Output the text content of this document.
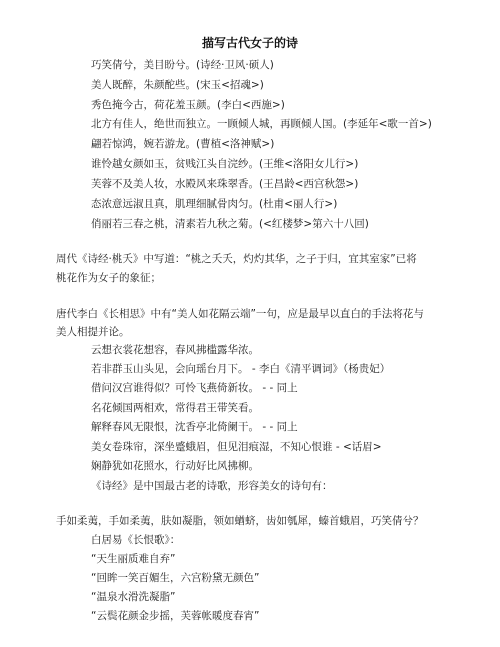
描写古代女子的诗
巧笑倩兮，美目盼兮。(诗经·卫风·硕人)
美人既醉，朱颜酡些。(宋玉<招魂>)
秀色掩今古，荷花羞玉颜。(李白<西施>)
北方有佳人，绝世而独立。一顾倾人城，再顾倾人国。(李延年<歌一首>)
翩若惊鸿，婉若游龙。(曹植<洛神赋>)
谁怜越女颜如玉，贫贱江头自浣纱。(王维<洛阳女儿行>)
芙蓉不及美人妆，水殿风来珠翠香。(王昌龄<西宫秋怨>)
态浓意远淑且真，肌理细腻骨肉匀。(杜甫<丽人行>)
俏丽若三春之桃，清素若九秋之菊。(<红楼梦>第六十八回)
周代《诗经·桃夭》中写道：“桃之夭夭，灼灼其华，之子于归，宜其室家”已将
桃花作为女子的象征；
唐代李白《长相思》中有“美人如花隔云端”一句，应是最早以直白的手法将花与
美人相提并论。
云想衣裳花想容，春风拂槛露华浓。
若非群玉山头见，会向瑶台月下。 - 李白《清平调词》（杨贵妃）
借问汉宫谁得似？可怜飞燕倚新妆。 - - 同上
名花倾国两相欢，常得君王带笑看。
解释春风无限恨，沈香亭北倚阑干。 - - 同上
美女卷珠帘，深坐蹙蛾眉，但见泪痕湿，不知心恨谁 - <话眉>
娴静犹如花照水，行动好比风拂柳。
《诗经》是中国最古老的诗歌，形容美女的诗句有：
手如柔荑，手如柔荑，肤如凝脂，领如蝤蛴，齿如瓠犀，螓首蛾眉，巧笑倩兮？
白居易《长恨歌》：
“天生丽质难自弃”
“回眸一笑百媚生，六宫粉黛无颜色”
“温泉水滑洗凝脂”
“云鬓花颜金步摇，芙蓉帐暖度春宵”
